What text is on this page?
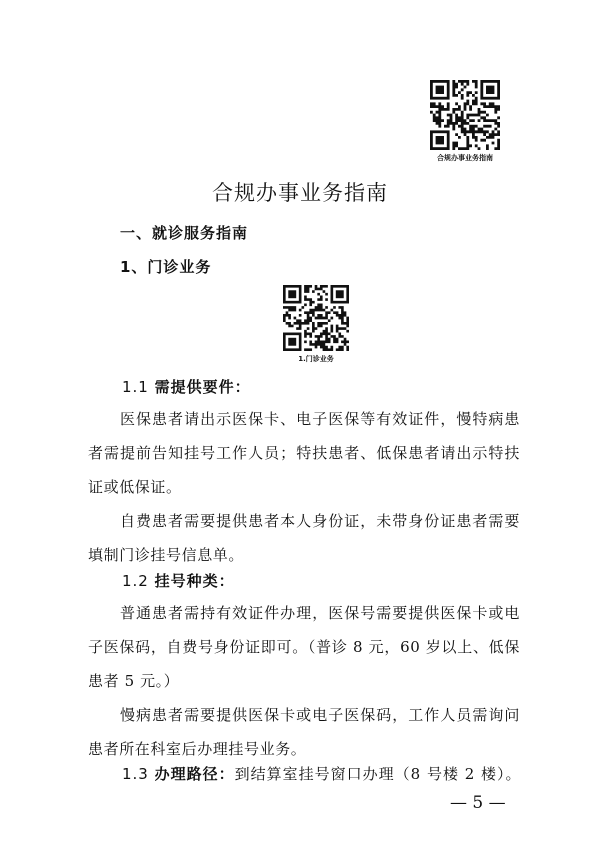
合规办事业务指南
合规办事业务指南
一、就诊服务指南
1、门诊业务
1.门诊业务
1.1 需提供要件：

医保患者请出示医保卡、电子医保等有效证件，慢特病患者需提前告知挂号工作人员；特扶患者、低保患者请出示特扶证或低保证。

自费患者需要提供患者本人身份证，未带身份证患者需要填制门诊挂号信息单。

1.2 挂号种类：

普通患者需持有效证件办理，医保号需要提供医保卡或电子医保码，自费号身份证即可。（普诊 8 元，60 岁以上、低保患者 5 元。）

慢病患者需要提供医保卡或电子医保码，工作人员需询问患者所在科室后办理挂号业务。

1.3 办理路径：到结算室挂号窗口办理（8 号楼 2 楼）。
— 5 —
